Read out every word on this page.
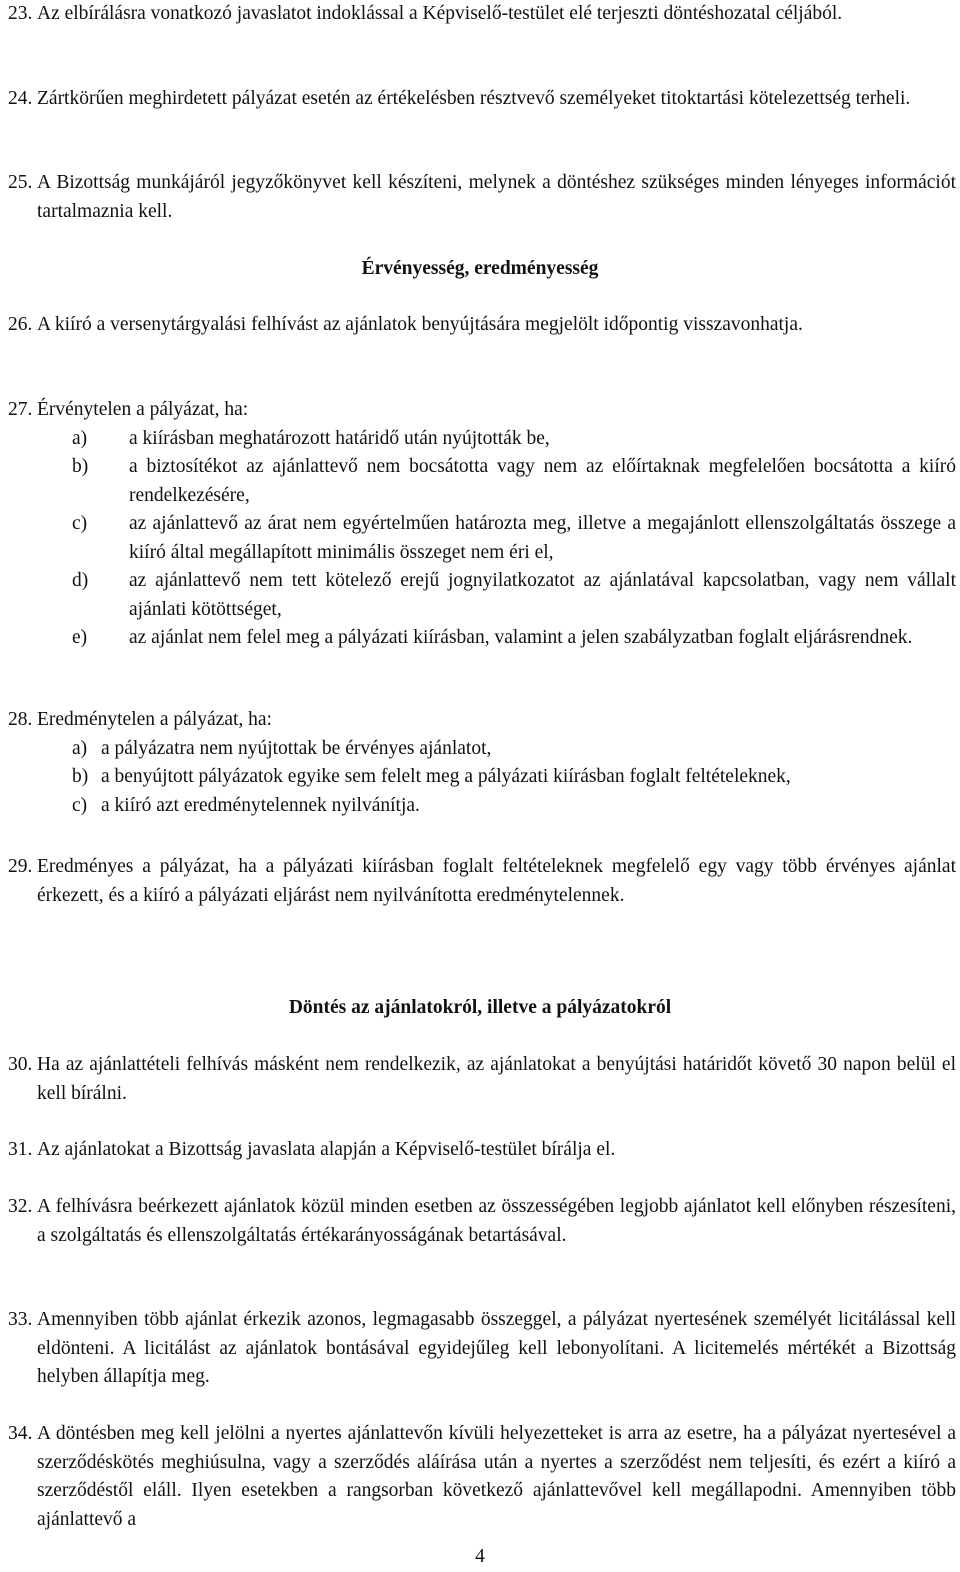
23. Az elbírálásra vonatkozó javaslatot indoklással a Képviselő-testület elé terjeszti döntéshozatal céljából.
24. Zártkörűen meghirdetett pályázat esetén az értékelésben résztvevő személyeket titoktartási kötelezettség terheli.
25. A Bizottság munkájáról jegyzőkönyvet kell készíteni, melynek a döntéshez szükséges minden lényeges információt tartalmaznia kell.
Érvényesség, eredményesség
26. A kiíró a versenytárgyalási felhívást az ajánlatok benyújtására megjelölt időpontig visszavonhatja.
27. Érvénytelen a pályázat, ha:
a) a kiírásban meghatározott határidő után nyújtották be,
b) a biztosítékot az ajánlattevő nem bocsátotta vagy nem az előírtaknak megfelelően bocsátotta a kiíró rendelkezésére,
c) az ajánlattevő az árat nem egyértelműen határozta meg, illetve a megajánlott ellenszolgáltatás összege a kiíró által megállapított minimális összeget nem éri el,
d) az ajánlattevő nem tett kötelező erejű jognyilatkozatot az ajánlatával kapcsolatban, vagy nem vállalt ajánlati kötöttséget,
e) az ajánlat nem felel meg a pályázati kiírásban, valamint a jelen szabályzatban foglalt eljárásrendnek.
28. Eredménytelen a pályázat, ha:
a) a pályázatra nem nyújtottak be érvényes ajánlatot,
b) a benyújtott pályázatok egyike sem felelt meg a pályázati kiírásban foglalt feltételeknek,
c) a kiíró azt eredménytelennek nyilvánítja.
29. Eredményes a pályázat, ha a pályázati kiírásban foglalt feltételeknek megfelelő egy vagy több érvényes ajánlat érkezett, és a kiíró a pályázati eljárást nem nyilvánította eredménytelennek.
Döntés az ajánlatokról, illetve a pályázatokról
30. Ha az ajánlattételi felhívás másként nem rendelkezik, az ajánlatokat a benyújtási határidőt követő 30 napon belül el kell bírálni.
31. Az ajánlatokat a Bizottság javaslata alapján a Képviselő-testület bírálja el.
32. A felhívásra beérkezett ajánlatok közül minden esetben az összességében legjobb ajánlatot kell előnyben részesíteni, a szolgáltatás és ellenszolgáltatás értékarányosságának betartásával.
33. Amennyiben több ajánlat érkezik azonos, legmagasabb összeggel, a pályázat nyertesének személyét licitálással kell eldönteni. A licitálást az ajánlatok bontásával egyidejűleg kell lebonyolítani. A licitemelés mértékét a Bizottság helyben állapítja meg.
34. A döntésben meg kell jelölni a nyertes ajánlattevőn kívüli helyezetteket is arra az esetre, ha a pályázat nyertesével a szerződéskötés meghiúsulna, vagy a szerződés aláírása után a nyertes a szerződést nem teljesíti, és ezért a kiíró a szerződéstől eláll. Ilyen esetekben a rangsorban következő ajánlattevővel kell megállapodni. Amennyiben több ajánlattevő a
4
